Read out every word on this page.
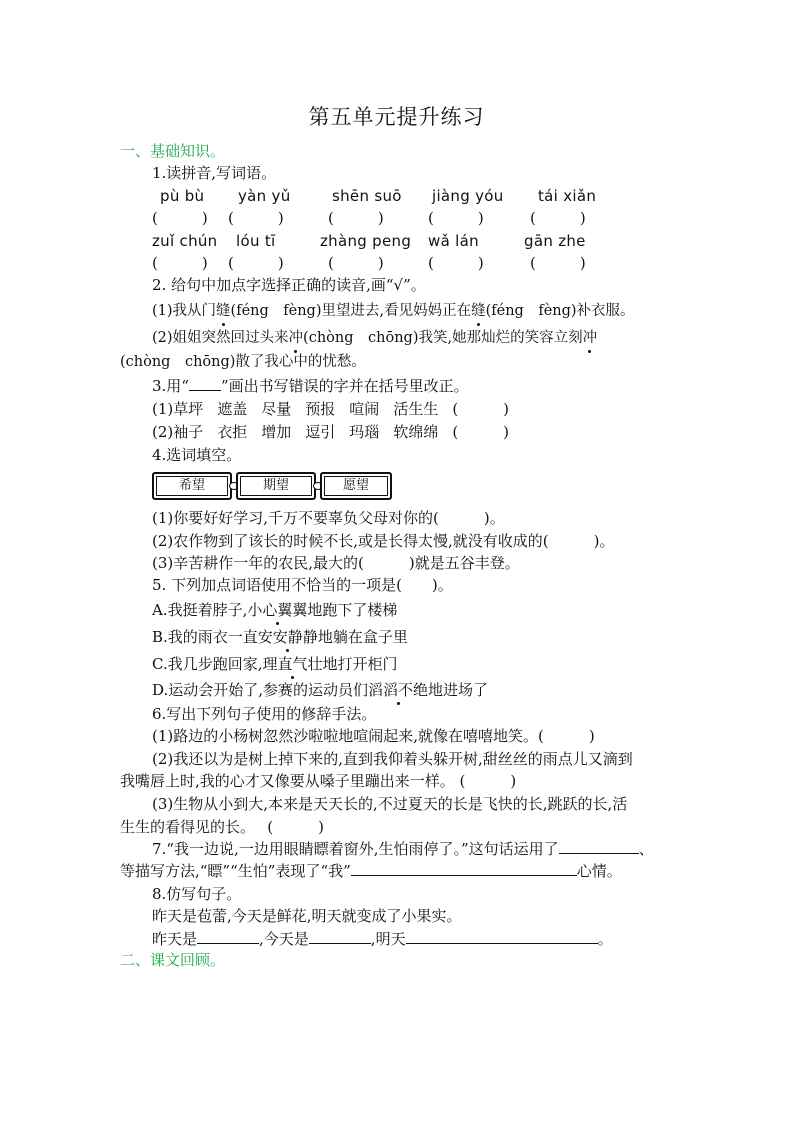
第五单元提升练习
一、基础知识。
1.读拼音,写词语。
pù bù yàn yǔ	shēn suō jiàng yóu tái xiǎn
(	) (	)	(	)	(	)	(	)
zuǐ chún lóu tī	zhàng peng wǎ lán	gān zhe
(	) (	)	(	)	(	)	(	)
2. 给句中加点字选择正确的读音,画“√”。
(1)我从门缝(féng　fèng)里望进去,看见妈妈正在缝(féng　fèng)补衣服。
(2)姐姐突然回过头来冲(chòng　chōng)我笑,她那灿烂的笑容立刻冲
(chòng　chōng)散了我心中的忧愁。
3.用“ ”画出书写错误的字并在括号里改正。
(1)草坪 遮盖 尽量 预报 喧闹 活生生 (　　　)
(2)袖子 衣拒 增加 逗引 玛瑙 软绵绵 (　　　)
4.选词填空。
希望	期望	愿望
(1)你要好好学习,千万不要辜负父母对你的(　　　)。
(2)农作物到了该长的时候不长,或是长得太慢,就没有收成的(　　　)。
(3)辛苦耕作一年的农民,最大的(　　　)就是五谷丰登。
5. 下列加点词语使用不恰当的一项是(　　)。
A.我挺着脖子,小心翼翼地跑下了楼梯
B.我的雨衣一直安安静静地躺在盒子里
C.我几步跑回家,理直气壮地打开柜门
D.运动会开始了,参赛的运动员们滔滔不绝地进场了
6.写出下列句子使用的修辞手法。
(1)路边的小杨树忽然沙啦啦地喧闹起来,就像在嘻嘻地笑。(　　　)
(2)我还以为是树上掉下来的,直到我仰着头躲开树,甜丝丝的雨点儿又滴到
我嘴唇上时,我的心才又像要从嗓子里蹦出来一样。 (　　　)
(3)生物从小到大,本来是天天长的,不过夏天的长是飞快的长,跳跃的长,活
生生的看得见的长。　 (　　　)
7.“我一边说,一边用眼睛瞟着窗外,生怕雨停了。”这句话运用了	、
等描写方法,“瞟”“生怕”表现了“我”	心情。
8.仿写句子。
昨天是苞蕾,今天是鲜花,明天就变成了小果实。
昨天是	,今天是	,明天	。
二、课文回顾。
